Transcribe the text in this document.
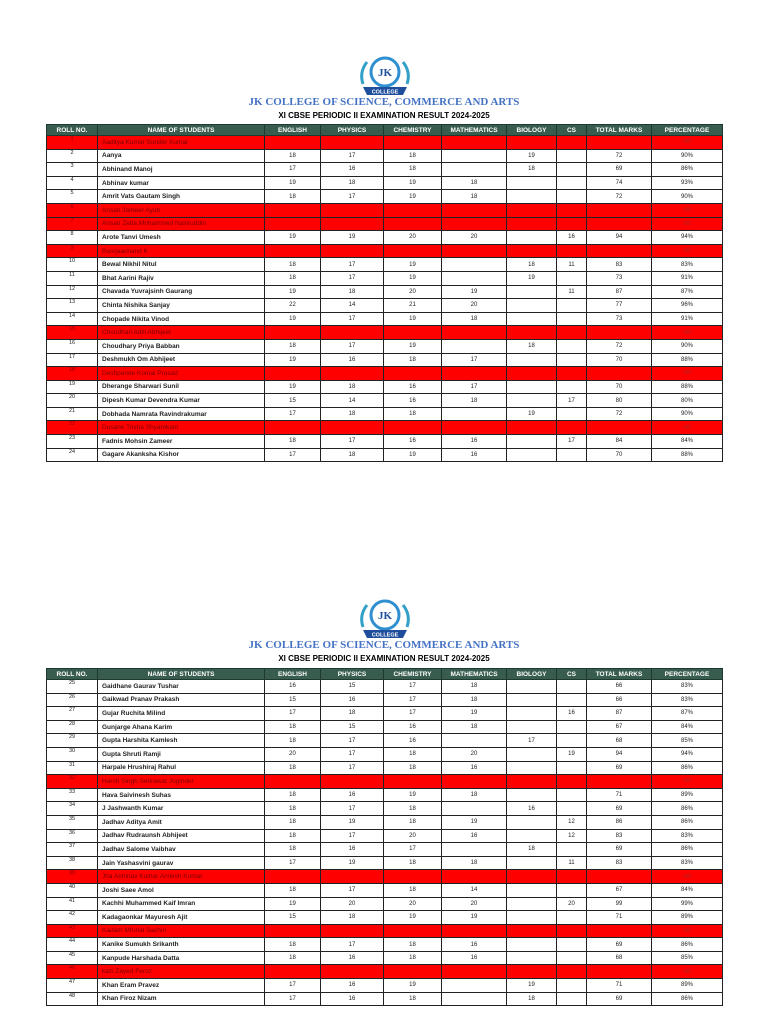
JK
COLLEGE
JK COLLEGE OF SCIENCE, COMMERCE AND ARTS
XI CBSE PERIODIC II EXAMINATION RESULT 2024-2025
ROLL NO.	NAME OF STUDENTS	ENGLISH	PHYSICS	CHEMISTRY	MATHEMATICS	BIOLOGY	CS	TOTAL MARKS	PERCENTAGE
1	Aaditya Kumar Sunder Kumar								AB
2	Aanya	18	17	18		19		72	90%
3	Abhinand Manoj	17	16	18		18		69	86%
4	Abhinav kumar	19	18	19	18			74	93%
5	Amrit Vats Gautam Singh	18	17	19	18			72	90%
6	Ansari Jameer Ayub								AB
7	Ansari Zeba Mohammed Nasiruddin								AB
8	Arote Tanvi Umesh	19	19	20	20		16	94	94%
9	Basrjaachand K								AB
10	Bewal Nikhil Nitul	18	17	19		18	11	83	83%
11	Bhat Aarini Rajiv	18	17	19		19		73	91%
12	Chavada Yuvrajsinh Gaurang	19	18	20	19		11	87	87%
13	Chinta Nishika Sanjay	22	14	21	20			77	96%
14	Chopade Nikita Vinod	19	17	19	18			73	91%
15	Choudhari Aditi Abhijeet								AB
16	Choudhary Priya Babban	18	17	19		18		72	90%
17	Deshmukh Om Abhijeet	19	16	18	17			70	88%
18	Deshpande Komal Prasad								AB
19	Dherange Sharwari Sunil	19	18	16	17			70	88%
20	Dipesh Kumar Devendra Kumar	15	14	16	18		17	80	80%
21	Dobhada Namrata Ravindrakumar	17	18	18		19		72	90%
22	Dusane Trisha Shyamkant								AB
23	Fadnis Mohsin Zameer	18	17	16	16		17	84	84%
24	Gagare Akanksha Kishor	17	18	19	16			70	88%
JK
COLLEGE
JK COLLEGE OF SCIENCE, COMMERCE AND ARTS
XI CBSE PERIODIC II EXAMINATION RESULT 2024-2025
ROLL NO.	NAME OF STUDENTS	ENGLISH	PHYSICS	CHEMISTRY	MATHEMATICS	BIOLOGY	CS	TOTAL MARKS	PERCENTAGE
25	Gaidhane Gaurav Tushar	16	15	17	18			66	83%
26	Gaikwad Pranav Prakash	15	16	17	18			66	83%
27	Gujar Ruchita Milind	17	18	17	19		16	87	87%
28	Gunjarge Ahana Karim	18	15	16	18			67	84%
29	Gupta Harshita Kamlesh	18	17	16		17		68	85%
30	Gupta Shruti Ramji	20	17	18	20		19	94	94%
31	Harpale Hrushiraj Rahul	18	17	18	16			69	86%
32	Harsh Singh Sehrawat Joginder								AB
33	Hava Saivinesh Suhas	18	16	19	18			71	89%
34	J Jashwanth Kumar	18	17	18		16		69	86%
35	Jadhav Aditya Amit	18	19	18	19		12	86	86%
36	Jadhav Rudraunsh Abhijeet	18	17	20	16		12	83	83%
37	Jadhav Salome Vaibhav	18	16	17		18		69	86%
38	Jain Yashasvini gaurav	17	19	18	18		11	83	83%
39	Jha Abhinav Kumar Amlesh Kumar								AB
40	Joshi Saee Amol	18	17	18	14			67	84%
41	Kachhi Muhammed Kaif Imran	19	20	20	20		20	99	99%
42	Kadagaonkar Mayuresh Ajit	15	18	19	19			71	89%
43	Kadam Mrunal Sachin								AB
44	Kanike Sumukh Srikanth	18	17	18	16			69	86%
45	Kanpude Harshada Datta	18	16	18	16			68	85%
46	kazi Zayed Feroz								AB
47	Khan Eram Pravez	17	16	19		19		71	89%
48	Khan Firoz Nizam	17	16	18		18		69	86%
